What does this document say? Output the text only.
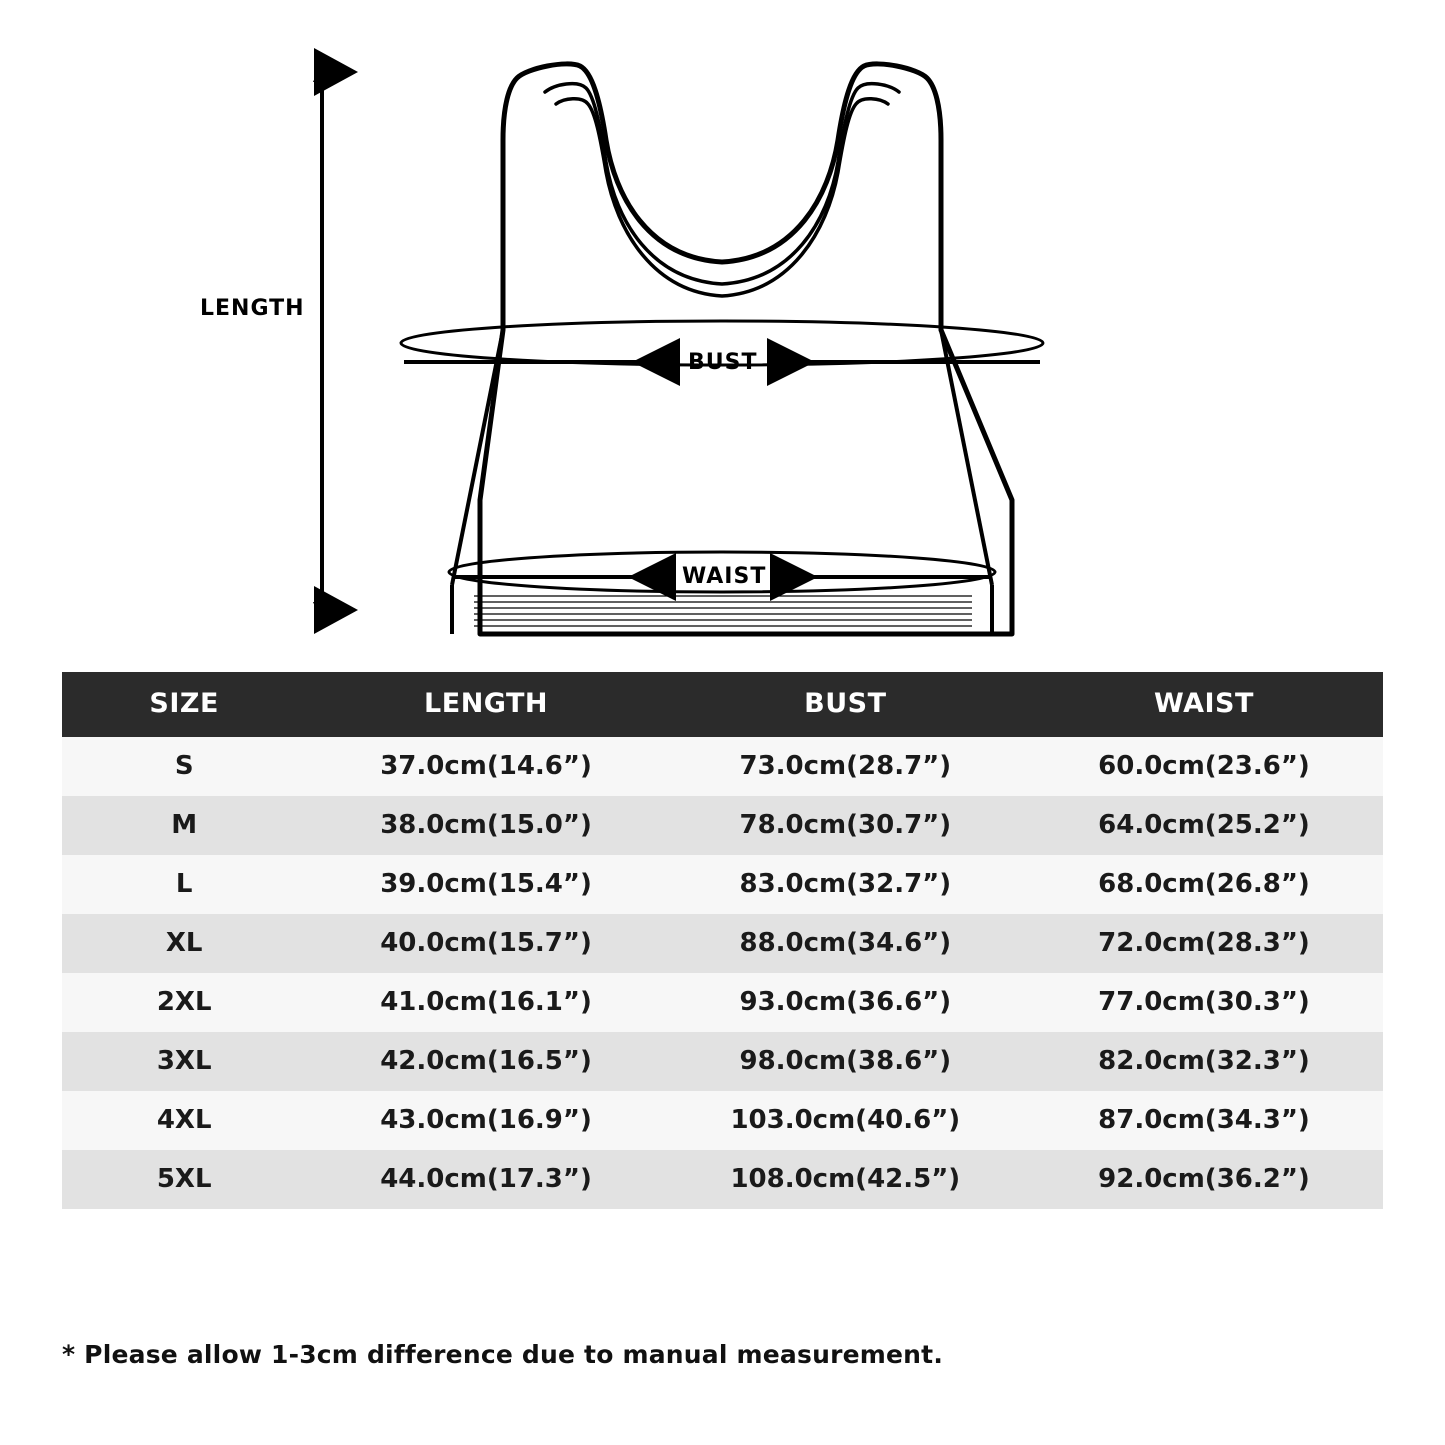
LENGTH
BUST
WAIST
SIZE	LENGTH	BUST	WAIST
S	37.0cm(14.6”)	73.0cm(28.7”)	60.0cm(23.6”)
M	38.0cm(15.0”)	78.0cm(30.7”)	64.0cm(25.2”)
L	39.0cm(15.4”)	83.0cm(32.7”)	68.0cm(26.8”)
XL	40.0cm(15.7”)	88.0cm(34.6”)	72.0cm(28.3”)
2XL	41.0cm(16.1”)	93.0cm(36.6”)	77.0cm(30.3”)
3XL	42.0cm(16.5”)	98.0cm(38.6”)	82.0cm(32.3”)
4XL	43.0cm(16.9”)	103.0cm(40.6”)	87.0cm(34.3”)
5XL	44.0cm(17.3”)	108.0cm(42.5”)	92.0cm(36.2”)
* Please allow 1-3cm difference due to manual measurement.
